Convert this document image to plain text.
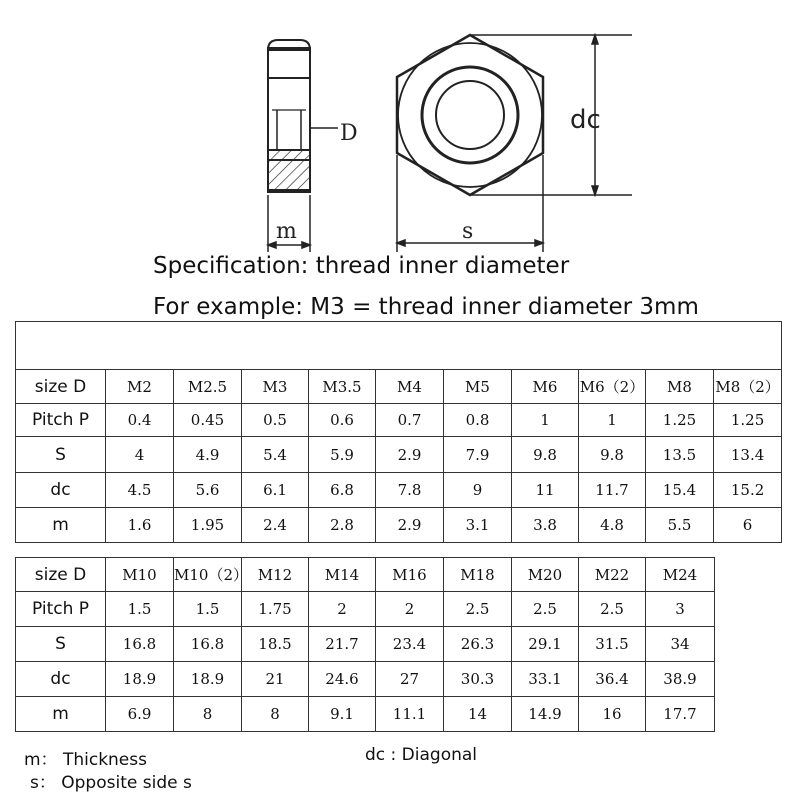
D
m
dc
s
Specification: thread inner diameter
For example: M3 = thread inner diameter 3mm

size D	M2	M2.5	M3	M3.5	M4	M5	M6	M6（2）	M8	M8（2）
Pitch P	0.4	0.45	0.5	0.6	0.7	0.8	1	1	1.25	1.25
S	4	4.9	5.4	5.9	2.9	7.9	9.8	9.8	13.5	13.4
dc	4.5	5.6	6.1	6.8	7.8	9	11	11.7	15.4	15.2
m	1.6	1.95	2.4	2.8	2.9	3.1	3.8	4.8	5.5	6
size D	M10	M10（2）	M12	M14	M16	M18	M20	M22	M24
Pitch P	1.5	1.5	1.75	2	2	2.5	2.5	2.5	3
S	16.8	16.8	18.5	21.7	23.4	26.3	29.1	31.5	34
dc	18.9	18.9	21	24.6	27	30.3	33.1	36.4	38.9
m	6.9	8	8	9.1	11.1	14	14.9	16	17.7
m： Thickness	dc : Diagonal
s： Opposite side s
